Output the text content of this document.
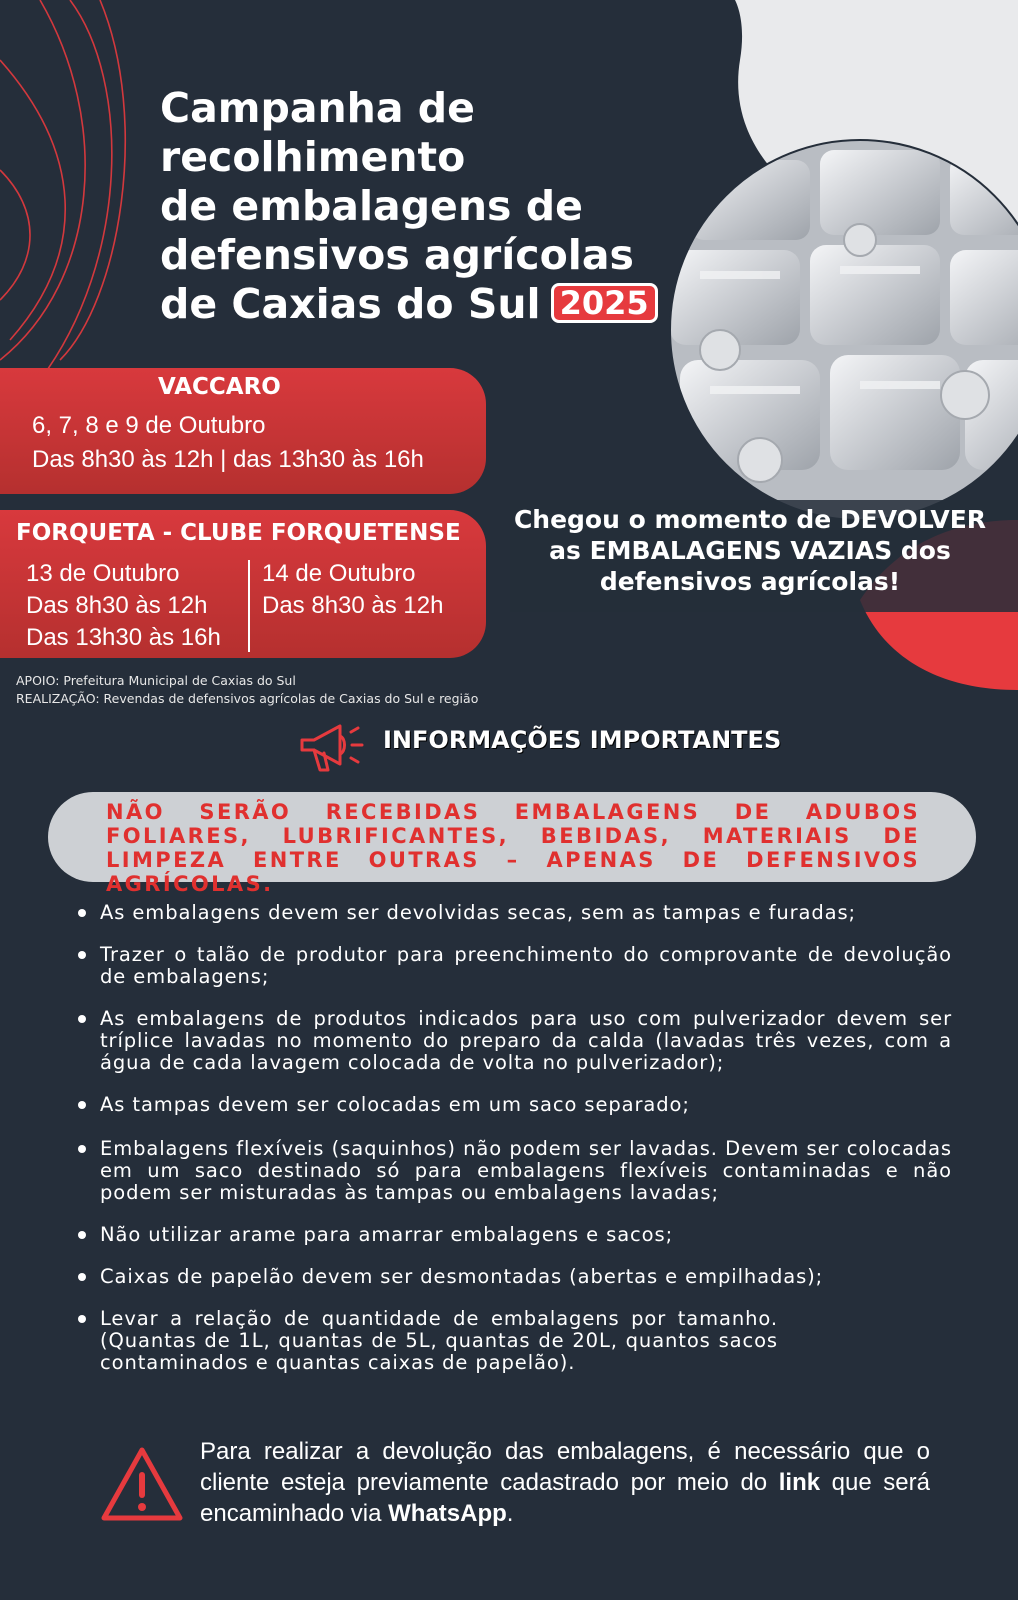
Campanha de
recolhimento
de embalagens de
defensivos agrícolas
de Caxias do Sul 2025
VACCARO
6, 7, 8 e 9 de Outubro
Das 8h30 às 12h | das 13h30 às 16h
FORQUETA - CLUBE FORQUETENSE
13 de Outubro
Das 8h30 às 12h
Das 13h30 às 16h
14 de Outubro
Das 8h30 às 12h
Chegou o momento de DEVOLVER
as EMBALAGENS VAZIAS dos
defensivos agrícolas!
APOIO: Prefeitura Municipal de Caxias do Sul
REALIZAÇÃO: Revendas de defensivos agrícolas de Caxias do Sul e região
INFORMAÇÕES IMPORTANTES
NÃO SERÃO RECEBIDAS EMBALAGENS DE ADUBOS FOLIARES, LUBRIFICANTES, BEBIDAS, MATERIAIS DE LIMPEZA ENTRE OUTRAS – APENAS DE DEFENSIVOS AGRÍCOLAS.
As embalagens devem ser devolvidas secas, sem as tampas e furadas;
Trazer o talão de produtor para preenchimento do comprovante de devolução de embalagens;
As embalagens de produtos indicados para uso com pulverizador devem ser tríplice lavadas no momento do preparo da calda (lavadas três vezes, com a água de cada lavagem colocada de volta no pulverizador);
As tampas devem ser colocadas em um saco separado;
Embalagens flexíveis (saquinhos) não podem ser lavadas. Devem ser colocadas em um saco destinado só para embalagens flexíveis contaminadas e não podem ser misturadas às tampas ou embalagens lavadas;
Não utilizar arame para amarrar embalagens e sacos;
Caixas de papelão devem ser desmontadas (abertas e empilhadas);
Levar a relação de quantidade de embalagens por tamanho. (Quantas de 1L, quantas de 5L, quantas de 20L, quantos sacos contaminados e quantas caixas de papelão).
Para realizar a devolução das embalagens, é necessário que o cliente esteja previamente cadastrado por meio do link que será encaminhado via WhatsApp.
